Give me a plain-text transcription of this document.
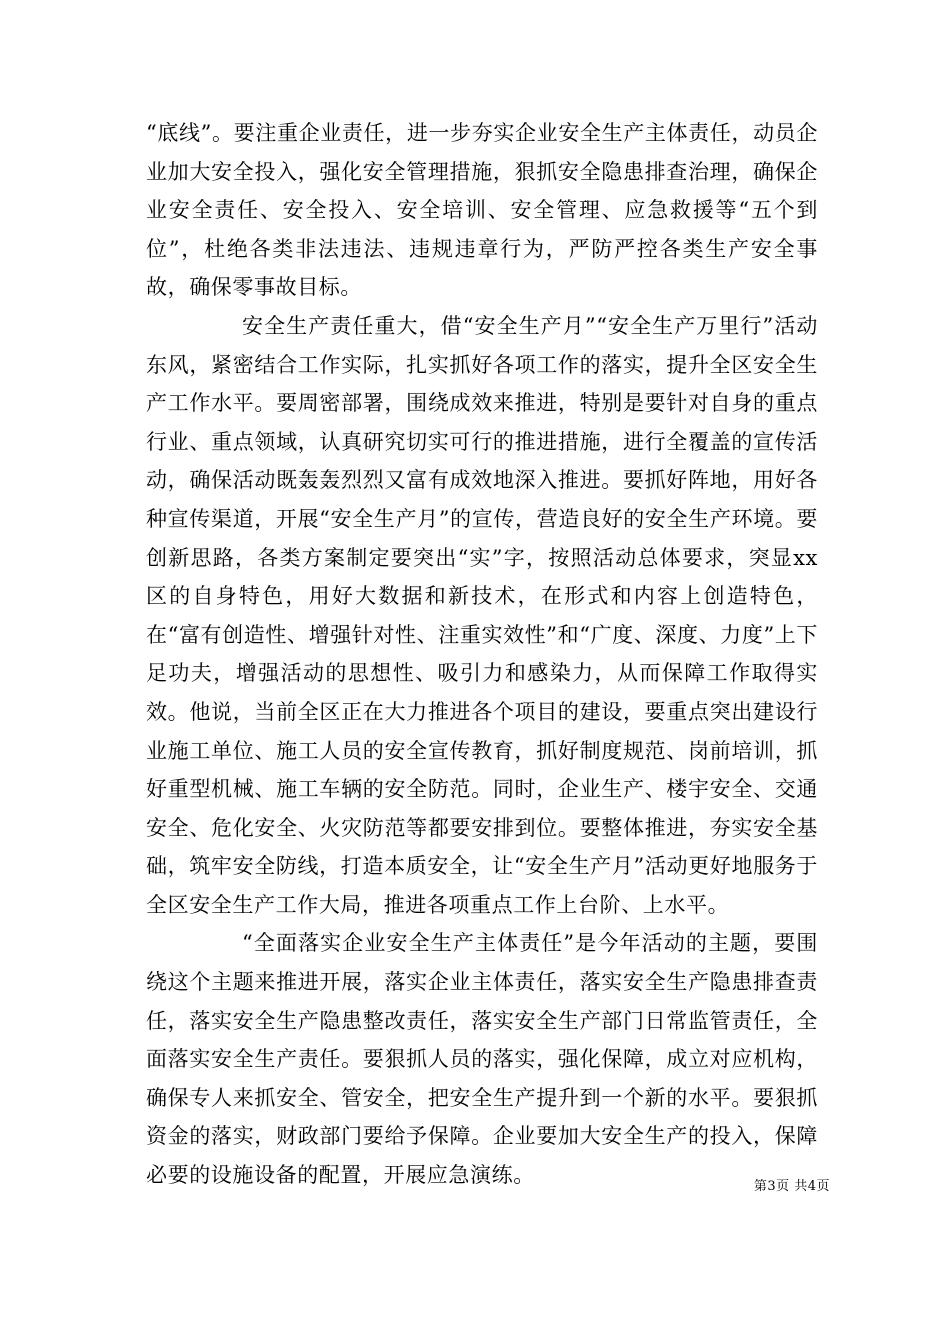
“底线”。要注重企业责任，进一步夯实企业安全生产主体责任，动员企业加大安全投入，强化安全管理措施，狠抓安全隐患排查治理，确保企业安全责任、安全投入、安全培训、安全管理、应急救援等“五个到位”，杜绝各类非法违法、违规违章行为，严防严控各类生产安全事故，确保零事故目标。

安全生产责任重大，借“安全生产月”“安全生产万里行”活动东风，紧密结合工作实际，扎实抓好各项工作的落实，提升全区安全生产工作水平。要周密部署，围绕成效来推进，特别是要针对自身的重点行业、重点领域，认真研究切实可行的推进措施，进行全覆盖的宣传活动，确保活动既轰轰烈烈又富有成效地深入推进。要抓好阵地，用好各种宣传渠道，开展“安全生产月”的宣传，营造良好的安全生产环境。要创新思路，各类方案制定要突出“实”字，按照活动总体要求，突显xx区的自身特色，用好大数据和新技术，在形式和内容上创造特色，在“富有创造性、增强针对性、注重实效性”和“广度、深度、力度”上下足功夫，增强活动的思想性、吸引力和感染力，从而保障工作取得实效。他说，当前全区正在大力推进各个项目的建设，要重点突出建设行业施工单位、施工人员的安全宣传教育，抓好制度规范、岗前培训，抓好重型机械、施工车辆的安全防范。同时，企业生产、楼宇安全、交通安全、危化安全、火灾防范等都要安排到位。要整体推进，夯实安全基础，筑牢安全防线，打造本质安全，让“安全生产月”活动更好地服务于全区安全生产工作大局，推进各项重点工作上台阶、上水平。

“全面落实企业安全生产主体责任”是今年活动的主题，要围绕这个主题来推进开展，落实企业主体责任，落实安全生产隐患排查责任，落实安全生产隐患整改责任，落实安全生产部门日常监管责任，全面落实安全生产责任。要狠抓人员的落实，强化保障，成立对应机构，确保专人来抓安全、管安全，把安全生产提升到一个新的水平。要狠抓资金的落实，财政部门要给予保障。企业要加大安全生产的投入，保障必要的设施设备的配置，开展应急演练。	第3页 共4页
